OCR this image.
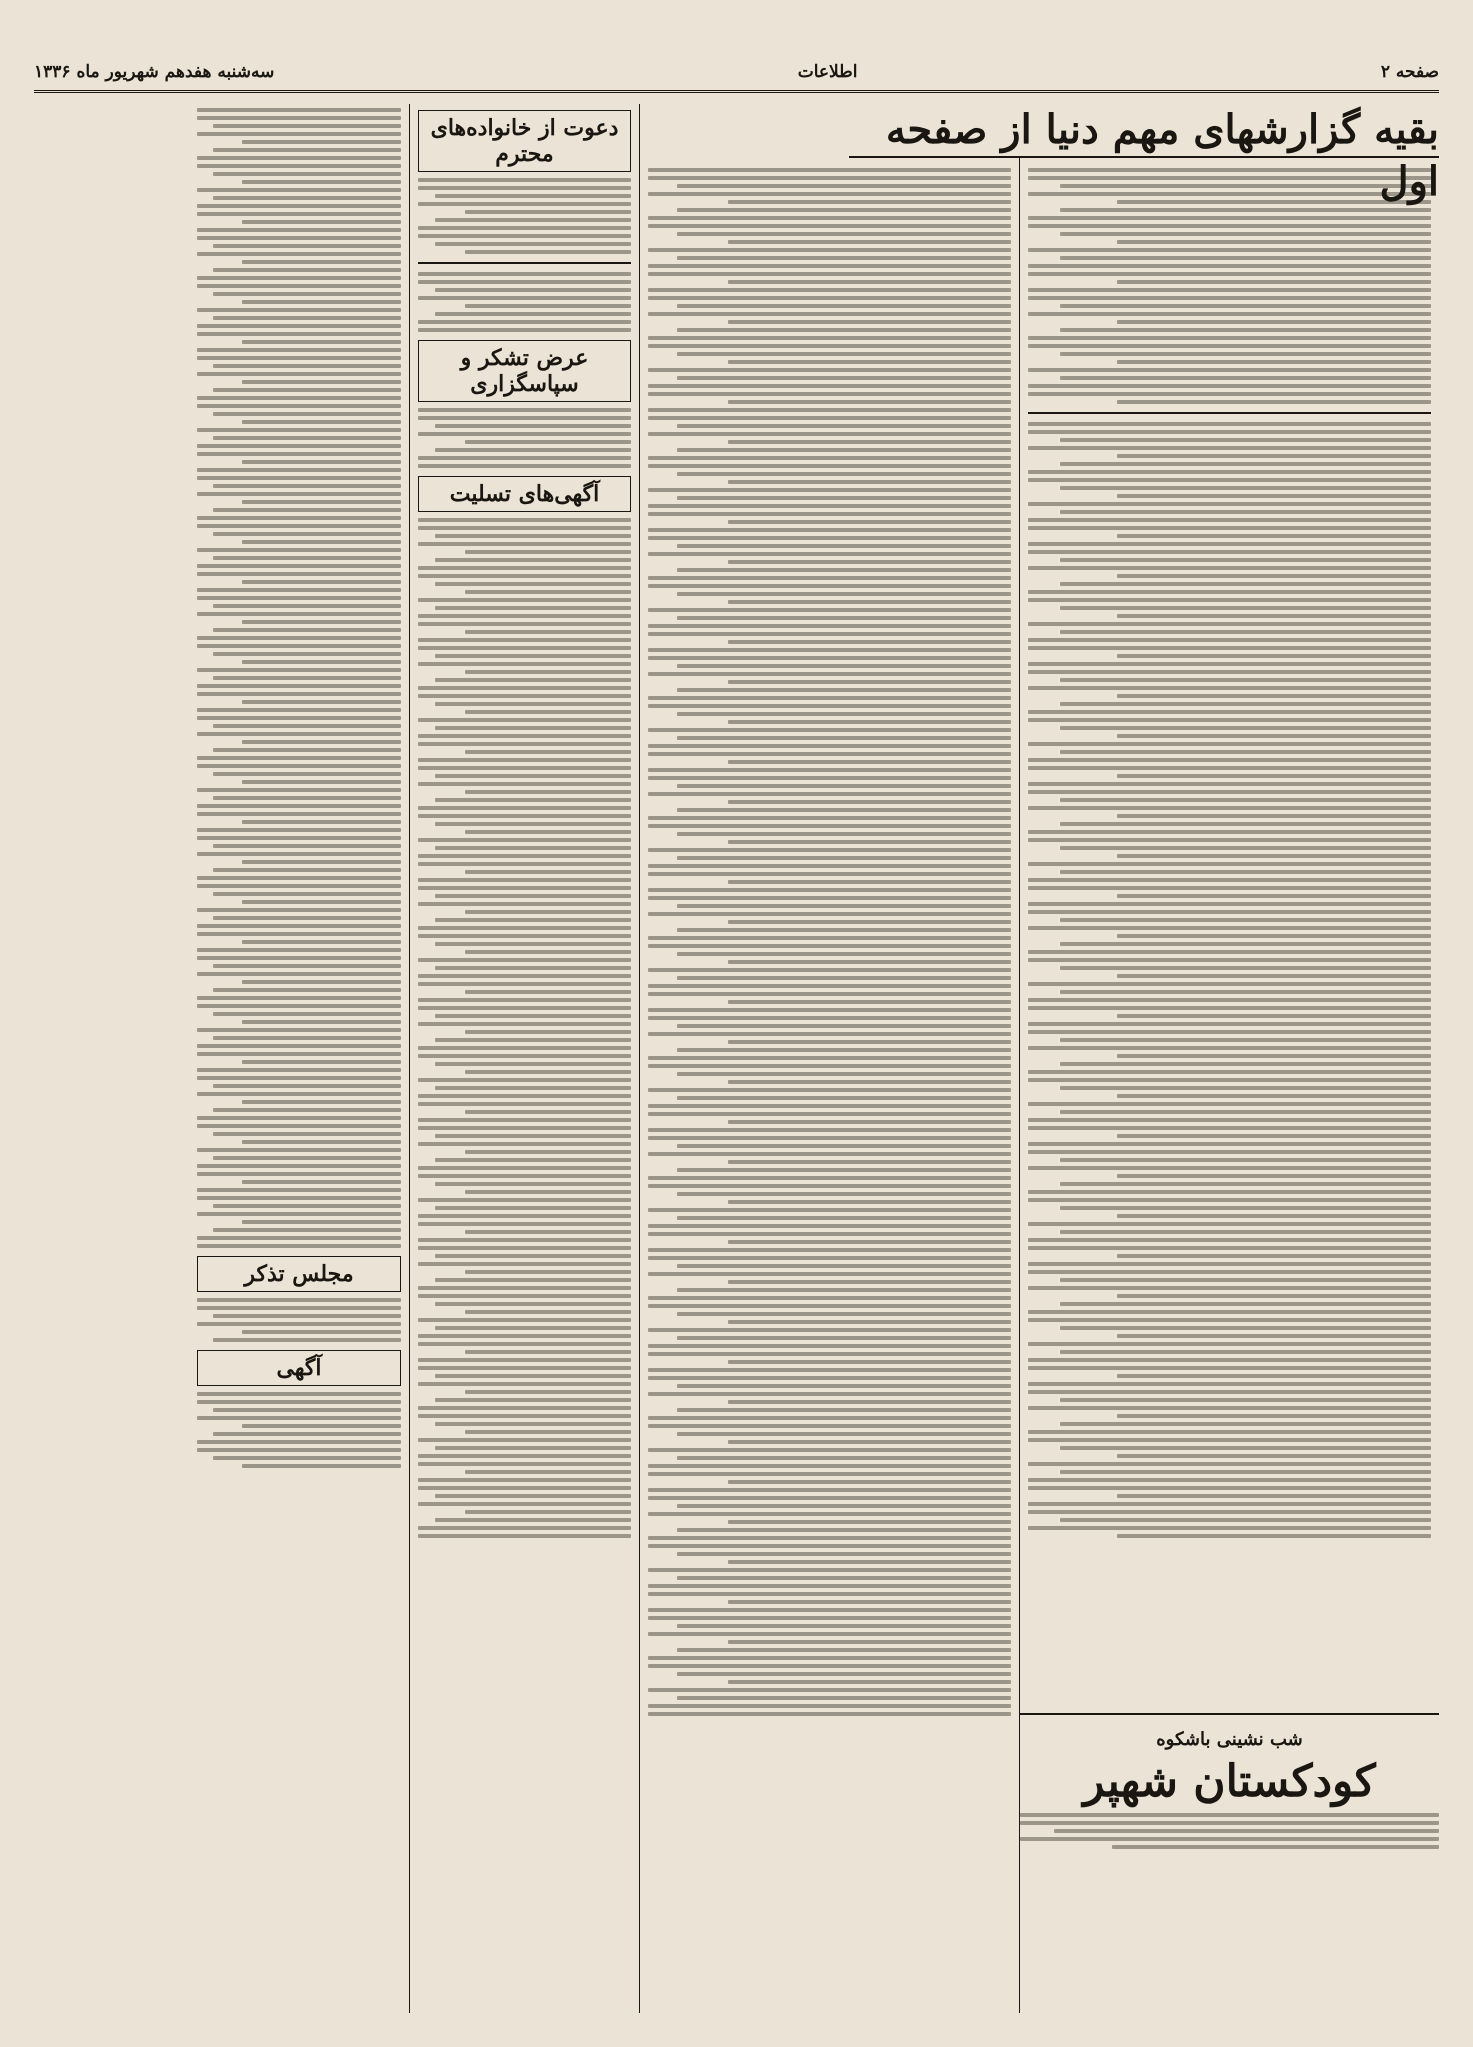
صفحه ۲
اطلاعات
سه‌شنبه هفدهم شهریور ماه ۱۳۳۶
بقیه گزارشهای مهم دنیا از صفحه اول
شب نشینی باشکوه
کودکستان شهپر
دعوت از خانواده‌های محترم
عرض تشکر و سپاسگزاری
آگهی‌های تسلیت
مجلس تذکر
آگهی
